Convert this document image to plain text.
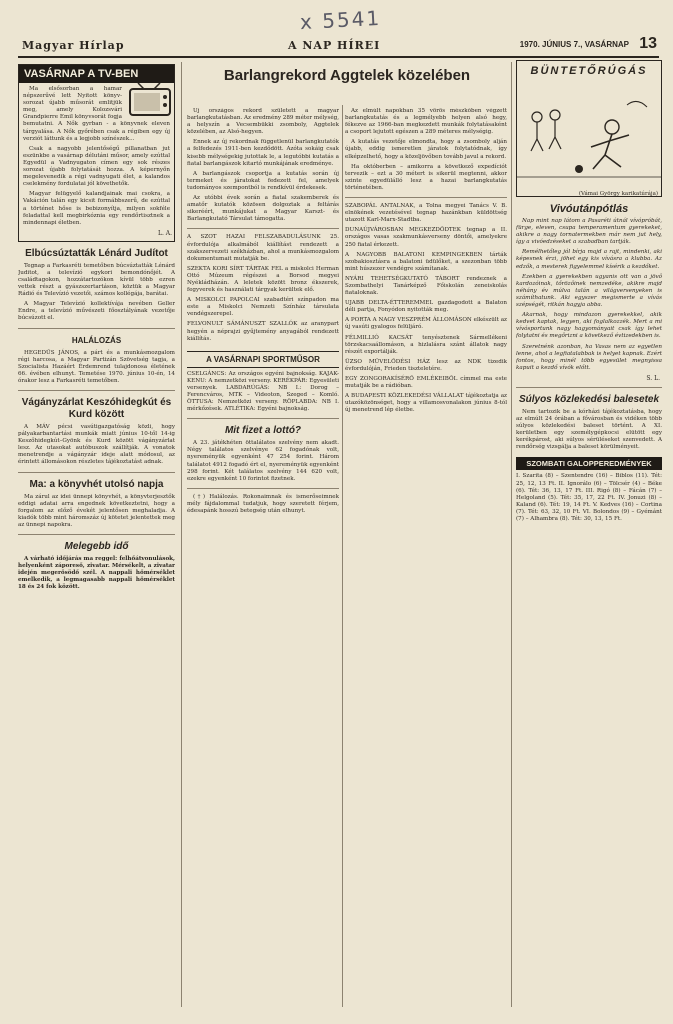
x 5541
Magyar Hírlap	A NAP HÍREI	1970. JÚNIUS 7., VASÁRNAP 13
Barlangrekord Aggtelek közelében
VASÁRNAP A TV-BEN

Ma elsősorban a hamar népszerűvé lett Nyitott könyv-sorozat újabb műsorát emlitjük meg, amely Kolozsvári Grandpierre Emil könyvsorát fogja bemutatni. A Nők gyrban - a könyvnek eleven tárgyalása. A Nők győrében csak a régiben egy új verziót láttunk és a legjobb színészek...

Csak a nagyobb jelentőségű pillanatban jut eszünkbe a vasárnap délutáni műsor, amely ezúttal Egyedül a Vadnyugaton címen egy sok részes sorozat újabb folytatását hozza. A képernyőn megelevenedik a régi vadnyugati élet, a kalandos cselekmény fordulatai jól követhetők.

Magyar felügyelő kalandjainak mai csokra, a Vakáción talán egy kicsit formábbszerű, de ezúttal a történet hőse is bebizonyítja, milyen sokféle feladattal kell megbirkóznia egy rendőrtisztnek a mindennapi életben.

L. A.
Elbúcsúztatták Lénárd Judítot

Tegnap a Farkasréti temetőben búcsúztatták Lénárd Juditot, a televízió egykori bemondónőjét. A családtagokon, hozzátartozókon kívül több ezren vettek részt a gyászszertartáson, köztük a Magyar Rádió és Televízió vezetői, számos kollégája, barátai.

A Magyar Televízió kollektívája nevében Geller Endre, a televízió művészeti főosztályának vezetője búcsúzott el.

HALÁLOZÁS

HEGEDŰS JÁNOS, a párt és a munkásmozgalom régi harcosa, a Magyar Partizán Szövetség tagja, a Szocialista Hazáért Érdemrend tulajdonosa életének 66. évében elhunyt. Temetése 1970. június 10-én, 14 órakor lesz a Farkasréti temetőben.

Vágányzárlat Keszóhidegkút és Kurd között

A MÁV pécsi vasútigazgatóság közli, hogy pályakarbantartási munkák miatt június 10-től 14-ig Keszőhidegkút–Gyönk és Kurd között vágányzárlat lesz. Az utasokat autóbuszok szállítják. A vonatok menetrendje a vágányzár ideje alatt módosul, az érintett állomásokon részletes tájékoztatást adnak.

Ma: a könyvhét utolsó napja

Ma zárul az idei ünnepi könyvhét, a könyvterjesztők eddigi adatai arra engednek következtetni, hogy a forgalom az előző évekét jelentősen meghaladja. A kiadók több mint háromszáz új kötetet jelentettek meg az ünnepi napokra.

Melegebb idő

A várható időjárás ma reggel: felhőátvonulások, helyenként záporeső, zivatar. Mérsékelt, a zivatar idején megerősödő szél. A nappali hőmérséklet emelkedik, a legmagasabb nappali hőmérséklet 18 és 24 fok között.

Új országos rekord született a magyar barlangkutatásban. Az eredmény 289 méter mélység, a helyszín a Vecsembükki zsomboly, Aggtelek közelében, az Alsó-hegyen.

Ennek az új rekordnak függetlenül barlangkutatók a felfedezés 1911-ben kezdődött. Azóta sokáig csak kisebb mélységekig jutottak le, a legutóbbi kutatás a fiatal barlangászok kitartó munkájának eredménye.

A barlangászok csoportja a kutatás során új termeket és járatokat fedezett fel, amelyek tudományos szempontból is rendkívül érdekesek.

Az utóbbi évek során a fiatal szakemberek és amatőr kutatók közösen dolgoztak a feltárás sikeréért, munkájukat a Magyar Karszt- és Barlangkutató Társulat támogatta.

A SZOT HAZAI FELSZABADULÁSUNK 25. évfordulója alkalmából kiállítást rendezett a szakszervezeti székházban, ahol a munkásmozgalom dokumentumait mutatják be.

SZEKTA KORI SÍRT TÁRTAK FEL a miskolci Herman Ottó Múzeum régészei a Borsod megyei Nyékládházán. A leletek között bronz ékszerek, fegyverek és használati tárgyak kerültek elő.

A MISKOLCI PAPOLCAI szabadtéri színpadon ma este a Miskolci Nemzeti Színház társulata vendégszerepel.

FELVONULT SÁMÁNUSZT SZALLÓK az aranypart hegyén a néprajzi gyűjtemény anyagából rendezett kiállítás.

A VASÁRNAPI SPORTMŰSOR

CSELGÁNCS: Az országos egyéni bajnokság. KAJAK-KENU: A nemzetközi verseny. KERÉKPÁR: Egyesületi versenyek. LABDARÚGÁS: NB I.: Dorog – Ferencváros, MTK – Videoton, Szeged – Komló. ÖTTUSA: Nemzetközi verseny. RÖPLABDA: NB I. mérkőzések. ATLÉTIKA: Egyéni bajnokság.

Mit fizet a lottó?

A 23. játékhéten öttalálatos szelvény nem akadt. Négy találatos szelvénye 62 fogadónak volt, nyereményük egyenként 47 254 forint. Három találatot 4912 fogadó ért el, nyereményük egyenként 298 forint. Két találatos szelvény 144 620 volt, ezekre egyenként 10 forintot fizetnek.

(†) Halálozás. Rokonaimnak és ismerőseimnek mély fájdalommal tudatjuk, hogy szeretett férjem, édesapánk hosszú betegség után elhunyt.

Az elmúlt napokban 35 vörös mészkőben végzett barlangkutatás és a legmélyebb helyen alsó hegy, fékezve az 1966-ban megkezdett munkák folytatásaként a csoport lejutott egészen a 289 méteres mélységig.

A kutatás vezetője elmondta, hogy a zsomboly alján újabb, eddig ismeretlen járatok folytatódnak, így elképzelhető, hogy a közeljövőben tovább javul a rekord.

Ha októberben – amikorra a következő expedíciót tervezik – ezt a 30 métert is sikerül megtenni, akkor szinte egyedülálló lesz a hazai barlangkutatás történetében.

SZABOPÁL ANTALNAK, a Tolna megyei Tanács V. B. elnökének vezetésével tegnap hazánkban küldöttség utazott Karl-Marx-Stadtba.

DUNAÚJVÁROSBAN MEGKEZDŐDTEK tegnap a II. országos vasas szakmunkásverseny döntői, amelyekre 250 fiatal érkezett.

A NAGYOBB BALATONI KEMPINGEKBEN tárták szobakiosztásra a balatoni üdülőket, a szezonban több mint húszezer vendégre számítanak.

NYÁRI TEHETSÉGKUTATÓ TÁBORT rendeznek a Szombathelyi Tanárképző Főiskolán zeneiskolás fiataloknak.

UJABB DELTA-ÉTTEREMMEL gazdagodott a Balaton déli partja, Fonyódon nyitották meg.

A PORTA A NAGY VESZPRÉM ÁLLOMÁSON elkészült az új vasúti gyalogos felüljáró.

FÉLMILLIÓ KACSÁT tenyésztenek Sármellékeni törzskacsaállomáson, a hizlalásra szánt állatok nagy részét exportálják.

ÜZSO MŰVELŐDÉSI HÁZ lesz az NDK tizedik évfordulóján, Frieden tiszteletére.

EGY ZONGORAKÍSÉRŐ EMLÉKEIBŐL címmel ma este mutatják be a rádióban.

A BUDAPESTI KÖZLEKEDÉSI VÁLLALAT tájékoztatja az utazóközönséget, hogy a villamosvonalakon június 8-tól új menetrend lép életbe.

BÜNTETŐRÚGÁS
(Vámai György karikatúrája)
Vivóutánpótlás

Nap mint nap látom a Pasaréti útnál vívópróbát, fürge, eleven, csupa temperamentum gyerekeket, akikre a nagy tornatermekben már nem jut hely, így a vivóedzéseket a szabadban tartják.

Remélhetőleg jól bírja majd a rajt, mindenki, aki képesnek érzi, jöhet egy kis vívásra a klubba. Az edzők, a mesterek figyelemmel kísérik a kezdőket.

Ezekben a gyerekekben ugyanis ott van a jövő kardozóinak, tőrözőinek nemzedéke, akikre majd néhány év múlva talán a világversenyeken is számíthatunk. Aki egyszer megismerte a vívás szépségét, ritkán hagyja abba.

Akarnak, hogy mindazon gyerekekkel, akik kedvet kaptak, legyen, aki foglalkozzék. Mert a mi vívósportunk nagy hagyományait csak így lehet folytatni és megőrizni a következő évtizedekben is.

Szeretnénk azonban, ha Vasas nem az egyetlen lenne, ahol a legfiatalabbak is helyet kapnak. Ezért fontos, hogy minél több egyesület megnyissa kapuit a kezdő vívók előtt.

S. L.
Súlyos közlekedési balesetek

Nem tartozik be a kórházi tájékoztatásba, hogy az elmúlt 24 órában a fővárosban és vidéken több súlyos közlekedési baleset történt. A XI. kerületben egy személygépkocsi elütött egy kerékpárost, aki súlyos sérüléseket szenvedett. A rendőrség vizsgálja a baleset körülményeit.

SZOMBATI GALOPPEREDMÉNYEK

I. Szarita (8) – Szentendre (16) – Biblos (11). Tét: 25, 12, 13 Ft. II. Ignorálo (6) – Tölcsér (4) – Béke (6). Tét: 36, 13, 17 Ft. III. Rigó (8) – Fácán (7) – Helgoland (5). Tét: 35, 17, 22 Ft. IV. Jonuzi (8) – Kaland (6). Tét: 19, 14 Ft. V. Kedves (16) – Cortina (7). Tét: 63, 32, 10 Ft. VI. Bolondos (9) – Gyémánt (7) – Alhambra (8). Tét: 30, 13, 15 Ft.
